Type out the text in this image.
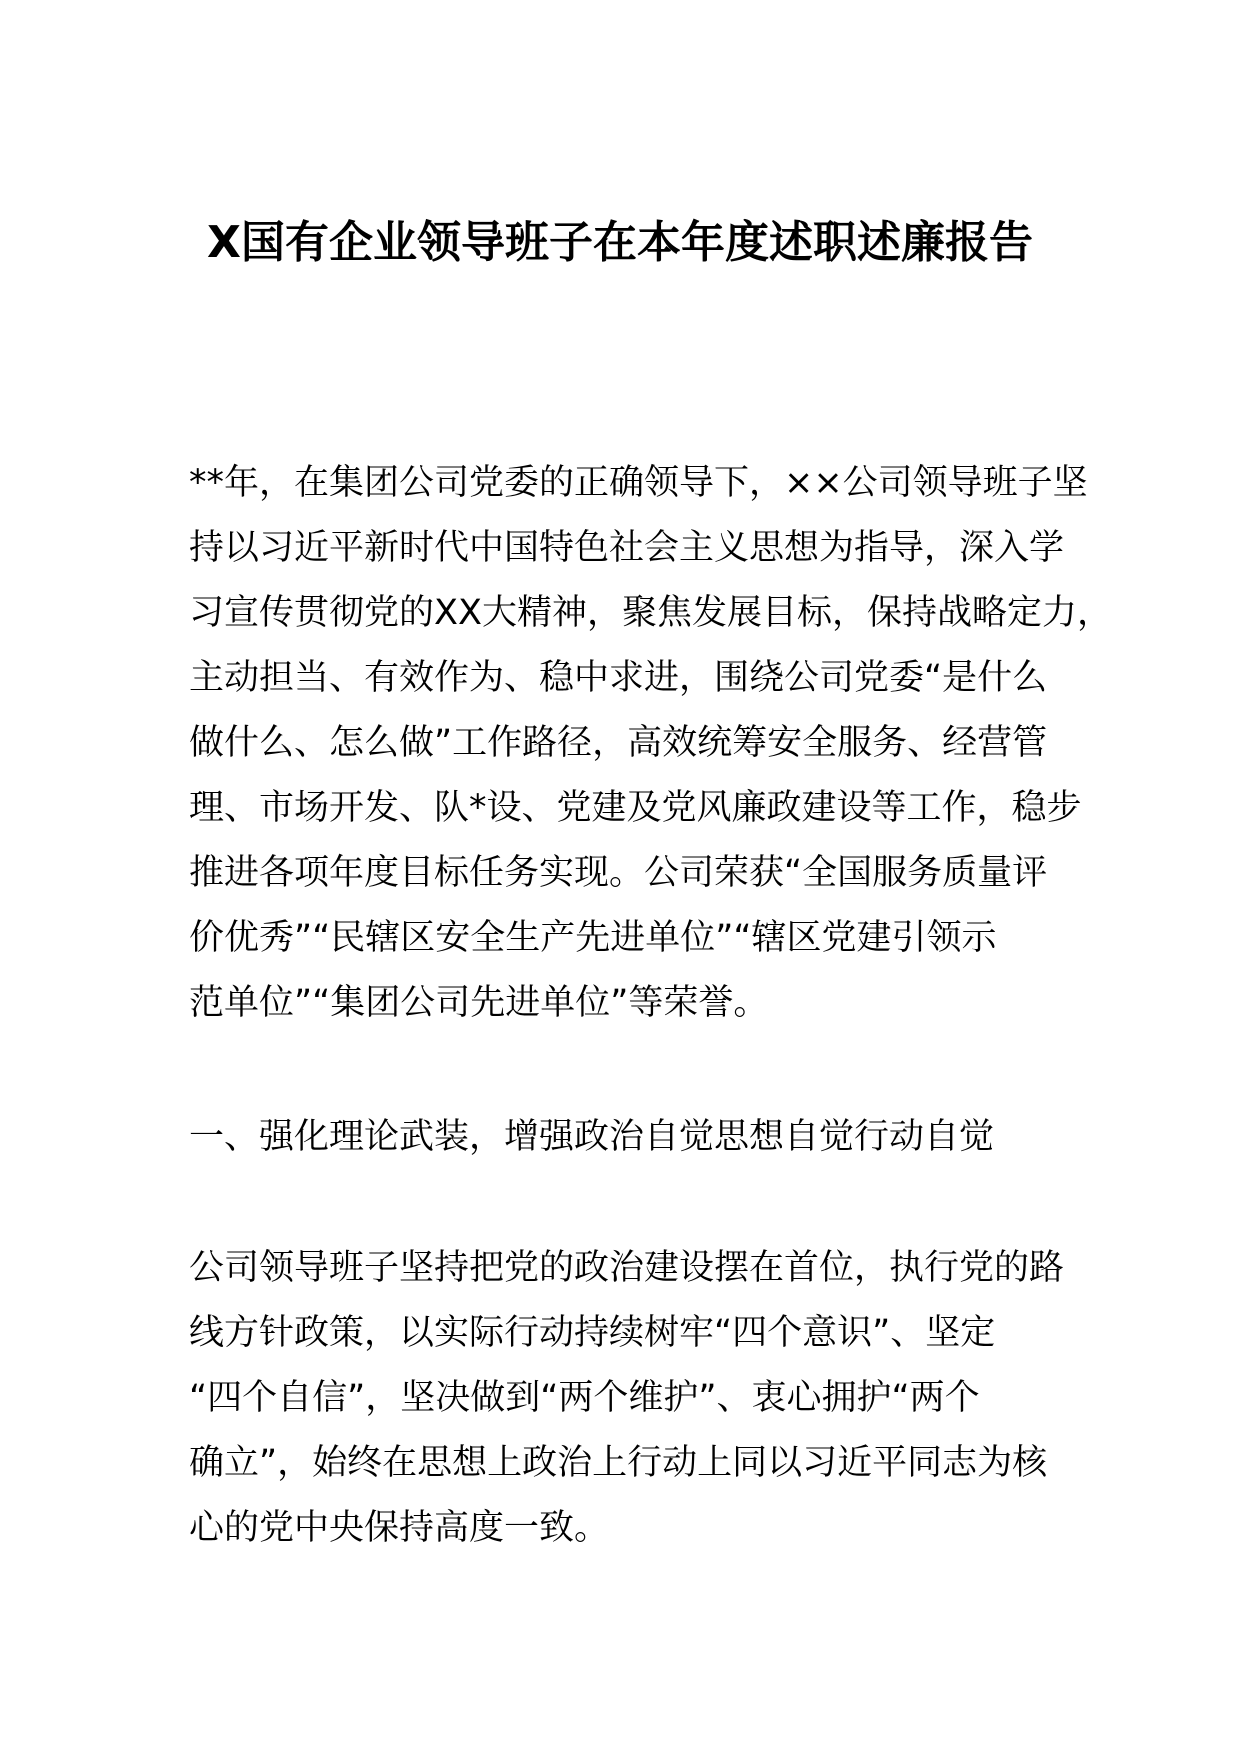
X国有企业领导班子在本年度述职述廉报告
**年，在集团公司党委的正确领导下，××公司领导班子坚
持以习近平新时代中国特色社会主义思想为指导，深入学
习宣传贯彻党的XX大精神，聚焦发展目标，保持战略定力，
主动担当、有效作为、稳中求进，围绕公司党委“是什么
做什么、怎么做”工作路径，高效统筹安全服务、经营管
理、市场开发、队*设、党建及党风廉政建设等工作，稳步
推进各项年度目标任务实现。公司荣获“全国服务质量评
价优秀”“民辖区安全生产先进单位”“辖区党建引领示
范单位”“集团公司先进单位”等荣誉。
一、强化理论武装，增强政治自觉思想自觉行动自觉
公司领导班子坚持把党的政治建设摆在首位，执行党的路
线方针政策，以实际行动持续树牢“四个意识”、坚定
“四个自信”，坚决做到“两个维护”、衷心拥护“两个
确立”，始终在思想上政治上行动上同以习近平同志为核
心的党中央保持高度一致。
